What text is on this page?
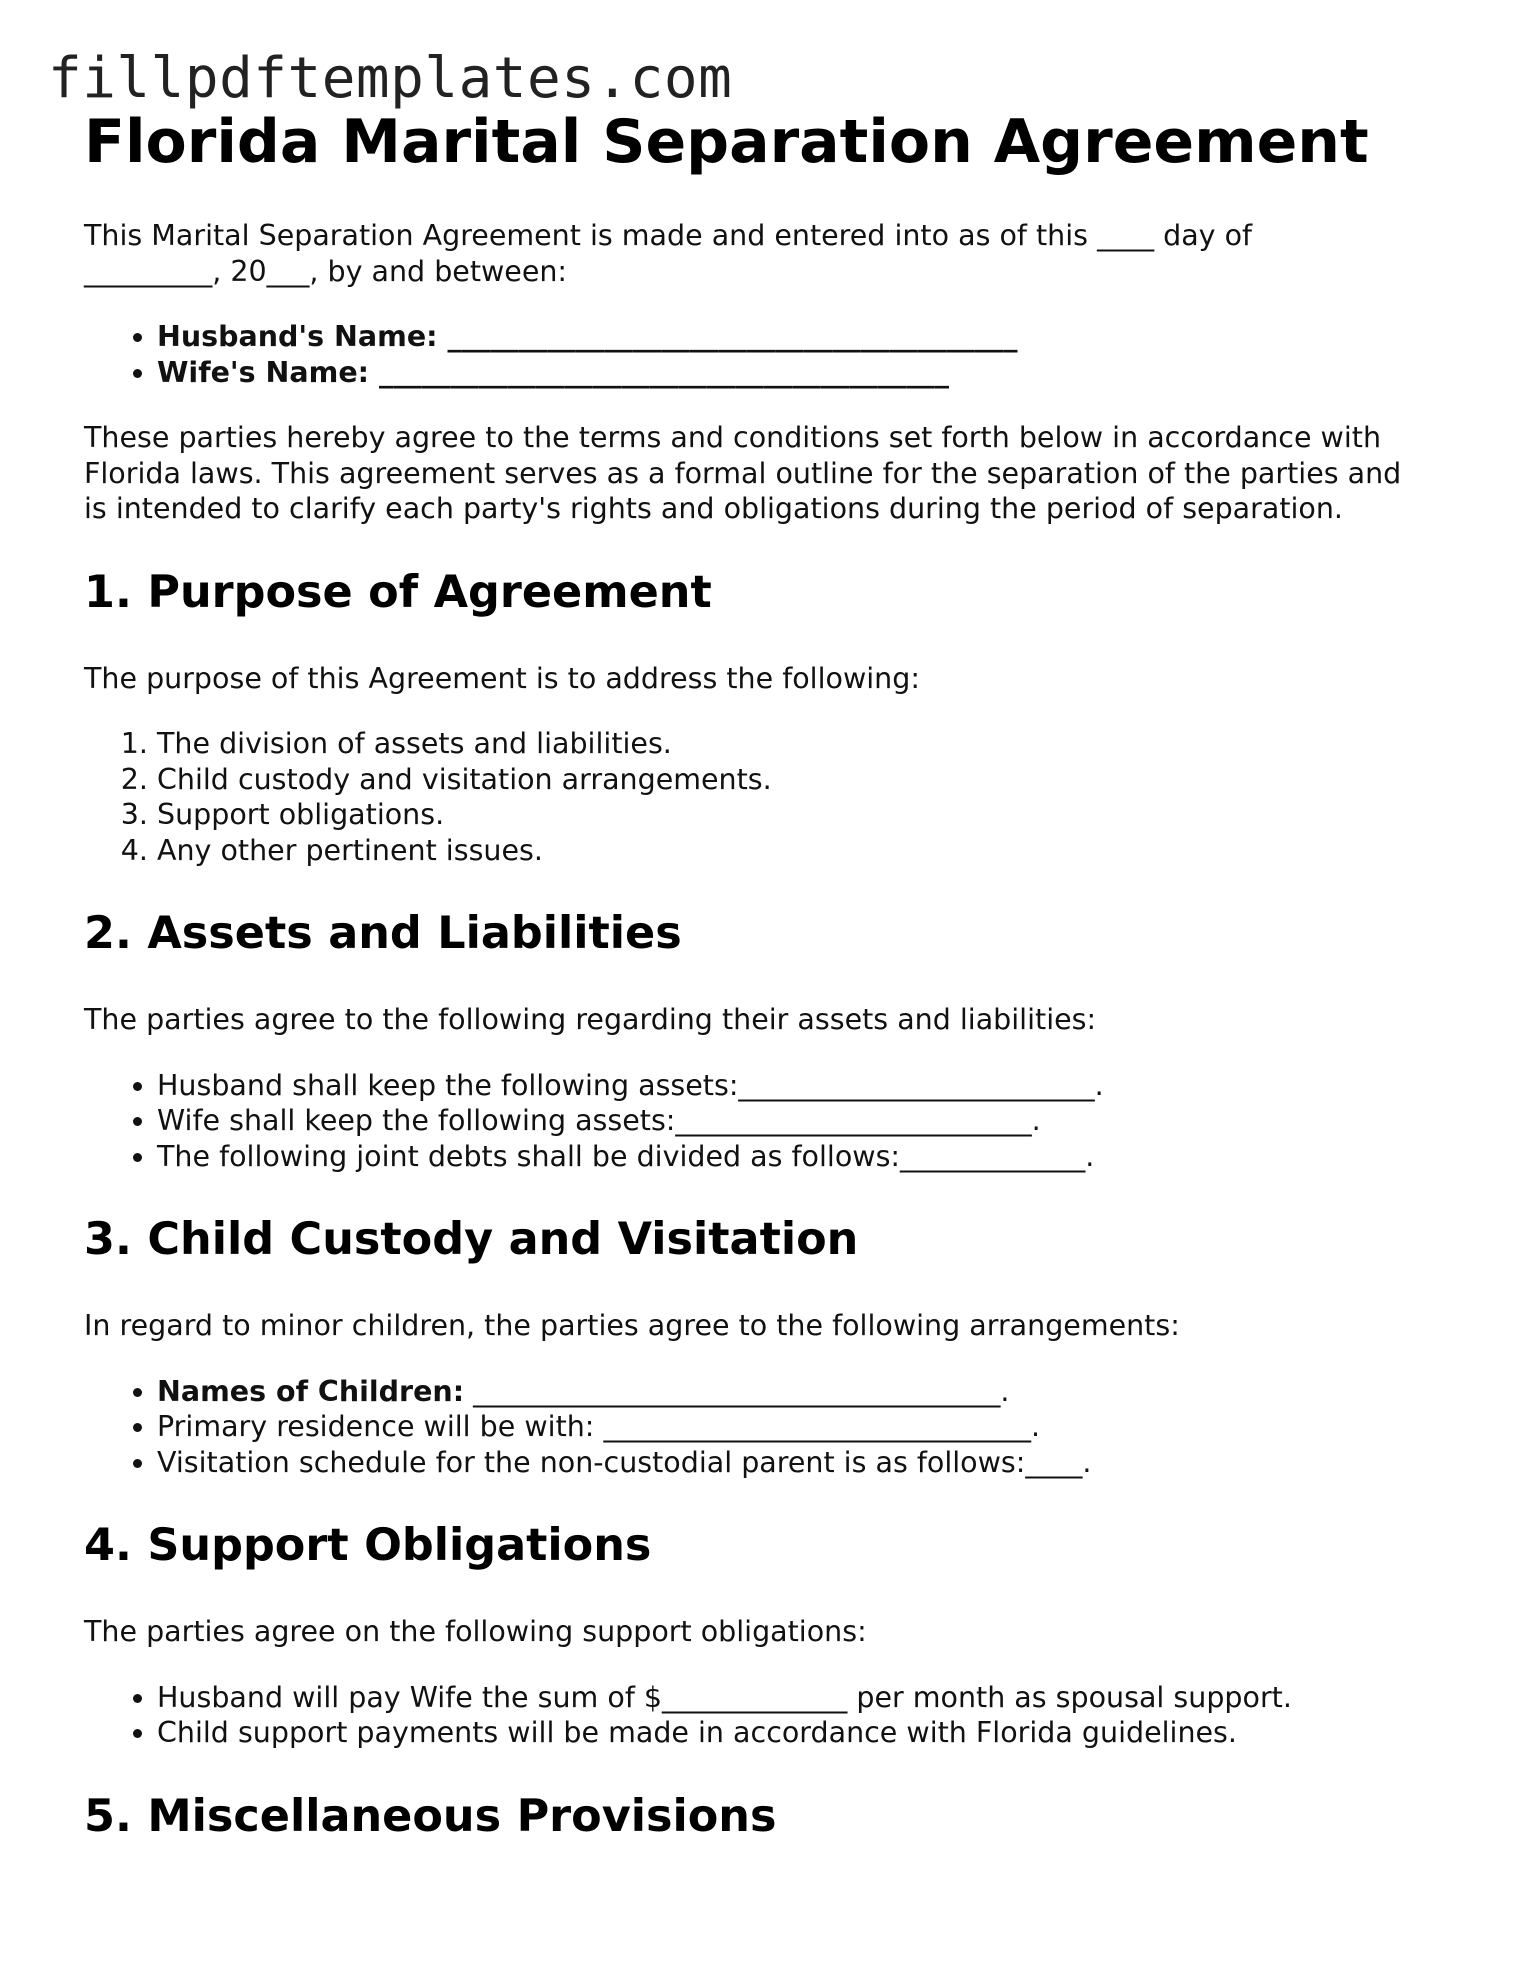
fillpdftemplates.com
Florida Marital Separation Agreement

This Marital Separation Agreement is made and entered into as of this ____ day of
_________, 20___, by and between:

• Husband's Name: ________________________________________
• Wife's Name: ________________________________________

These parties hereby agree to the terms and conditions set forth below in accordance with Florida laws. This agreement serves as a formal outline for the separation of the parties and is intended to clarify each party's rights and obligations during the period of separation.

1. Purpose of Agreement

The purpose of this Agreement is to address the following:

1. The division of assets and liabilities.
2. Child custody and visitation arrangements.
3. Support obligations.
4. Any other pertinent issues.
2. Assets and Liabilities

The parties agree to the following regarding their assets and liabilities:

• Husband shall keep the following assets:_________________________.
• Wife shall keep the following assets:_________________________.
• The following joint debts shall be divided as follows:_____________.
3. Child Custody and Visitation

In regard to minor children, the parties agree to the following arrangements:

• Names of Children: _____________________________________.
• Primary residence will be with: ______________________________.
• Visitation schedule for the non-custodial parent is as follows:____.
4. Support Obligations

The parties agree on the following support obligations:

• Husband will pay Wife the sum of $_____________ per month as spousal support.
• Child support payments will be made in accordance with Florida guidelines.
5. Miscellaneous Provisions
